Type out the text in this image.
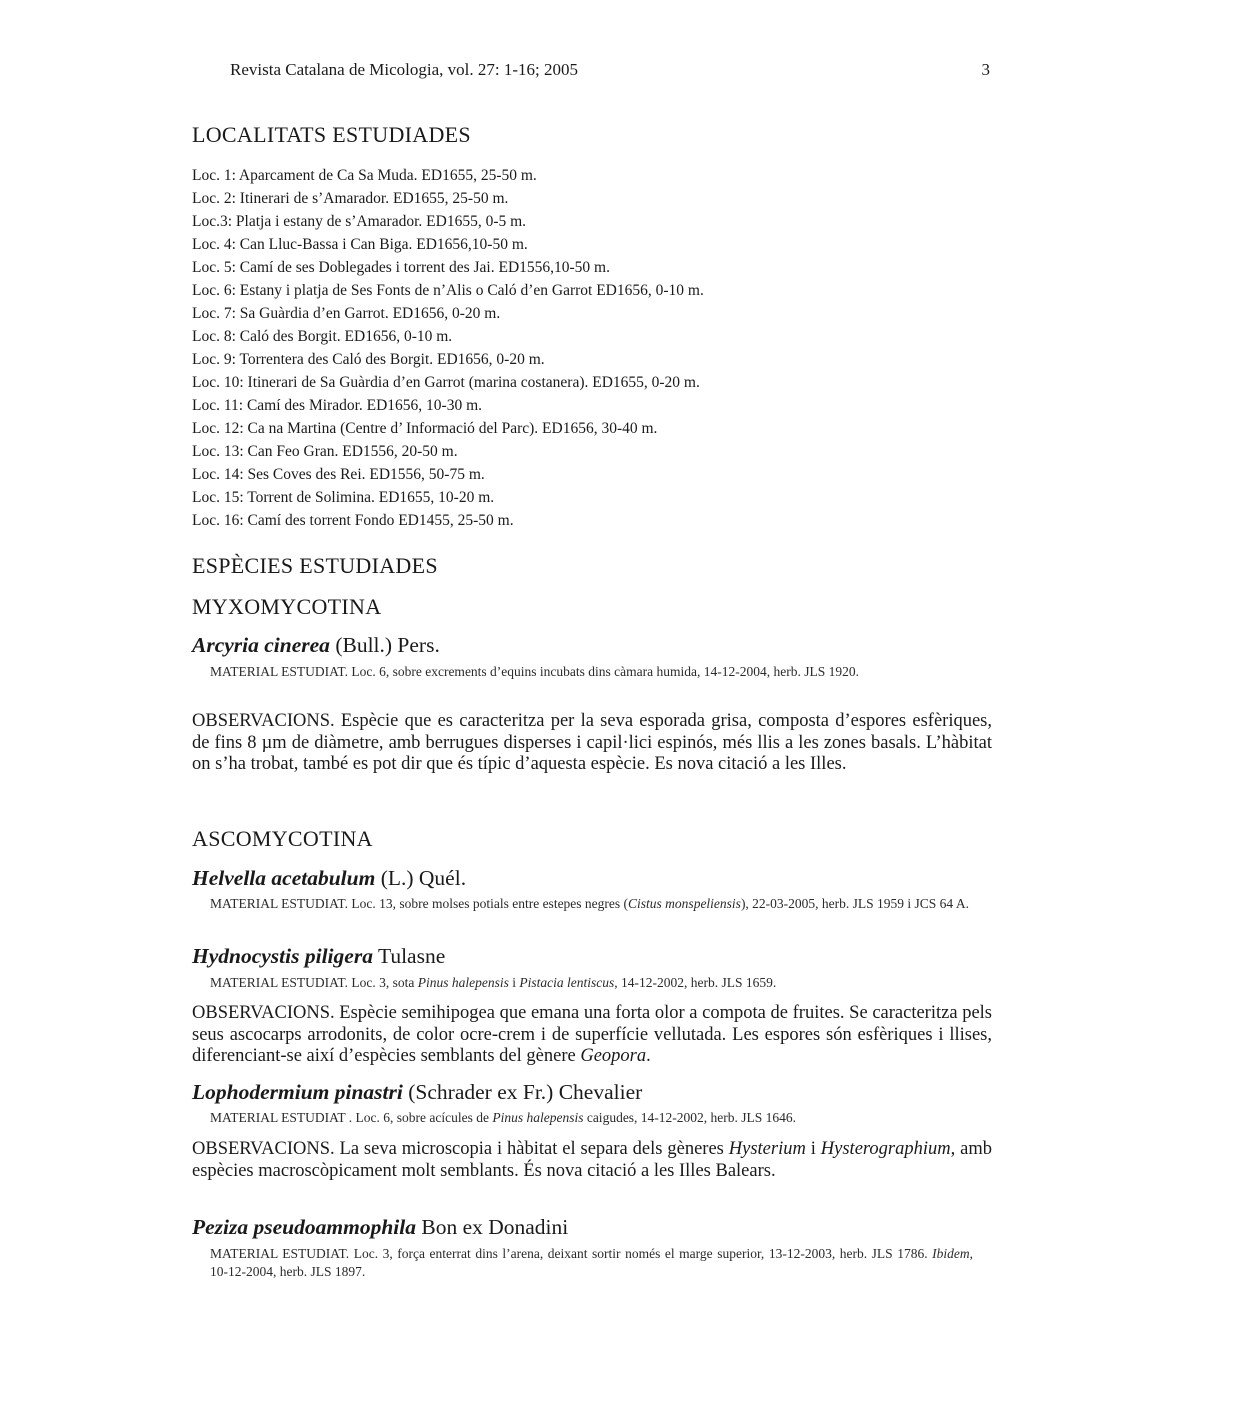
Revista Catalana de Micologia, vol. 27: 1-16; 2005	3
LOCALITATS ESTUDIADES
Loc. 1: Aparcament de Ca Sa Muda. ED1655, 25-50 m.
Loc. 2: Itinerari de s’Amarador. ED1655, 25-50 m.
Loc.3: Platja i estany de s’Amarador. ED1655, 0-5 m.
Loc. 4: Can Lluc-Bassa i Can Biga. ED1656,10-50 m.
Loc. 5: Camí de ses Doblegades i torrent des Jai. ED1556,10-50 m.
Loc. 6: Estany i platja de Ses Fonts de n’Alis o Caló d’en Garrot ED1656, 0-10 m.
Loc. 7: Sa Guàrdia d’en Garrot. ED1656, 0-20 m.
Loc. 8: Caló des Borgit. ED1656, 0-10 m.
Loc. 9: Torrentera des Caló des Borgit. ED1656, 0-20 m.
Loc. 10: Itinerari de Sa Guàrdia d’en Garrot (marina costanera). ED1655, 0-20 m.
Loc. 11: Camí des Mirador. ED1656, 10-30 m.
Loc. 12: Ca na Martina (Centre d’ Informació del Parc). ED1656, 30-40 m.
Loc. 13: Can Feo Gran. ED1556, 20-50 m.
Loc. 14: Ses Coves des Rei. ED1556, 50-75 m.
Loc. 15: Torrent de Solimina. ED1655, 10-20 m.
Loc. 16: Camí des torrent Fondo ED1455, 25-50 m.
ESPÈCIES ESTUDIADES
MYXOMYCOTINA
Arcyria cinerea (Bull.) Pers.
MATERIAL ESTUDIAT. Loc. 6, sobre excrements d’equins incubats dins càmara humida, 14-12-2004, herb. JLS 1920.
OBSERVACIONS. Espècie que es caracteritza per la seva esporada grisa, composta d’espores esfèriques, de fins 8 µm de diàmetre, amb berrugues disperses i capil·lici espinós, més llis a les zones basals. L’hàbitat on s’ha trobat, també es pot dir que és típic d’aquesta espècie. Es nova citació a les Illes.
ASCOMYCOTINA
Helvella acetabulum (L.) Quél.
MATERIAL ESTUDIAT. Loc. 13, sobre molses potials entre estepes negres (Cistus monspeliensis), 22-03-2005, herb. JLS 1959 i JCS 64 A.
Hydnocystis piligera Tulasne
MATERIAL ESTUDIAT. Loc. 3, sota Pinus halepensis i Pistacia lentiscus, 14-12-2002, herb. JLS 1659.
OBSERVACIONS. Espècie semihipogea que emana una forta olor a compota de fruites. Se caracteritza pels seus ascocarps arrodonits, de color ocre-crem i de superfície vellutada. Les espores són esfèriques i llises, diferenciant-se així d’espècies semblants del gènere Geopora.
Lophodermium pinastri (Schrader ex Fr.) Chevalier
MATERIAL ESTUDIAT . Loc. 6, sobre acícules de Pinus halepensis caigudes, 14-12-2002, herb. JLS 1646.
OBSERVACIONS. La seva microscopia i hàbitat el separa dels gèneres Hysterium i Hysterographium, amb espècies macroscòpicament molt semblants. És nova citació a les Illes Balears.
Peziza pseudoammophila Bon ex Donadini
MATERIAL ESTUDIAT. Loc. 3, força enterrat dins l’arena, deixant sortir només el marge superior, 13-12-2003, herb. JLS 1786. Ibidem, 10-12-2004, herb. JLS 1897.
